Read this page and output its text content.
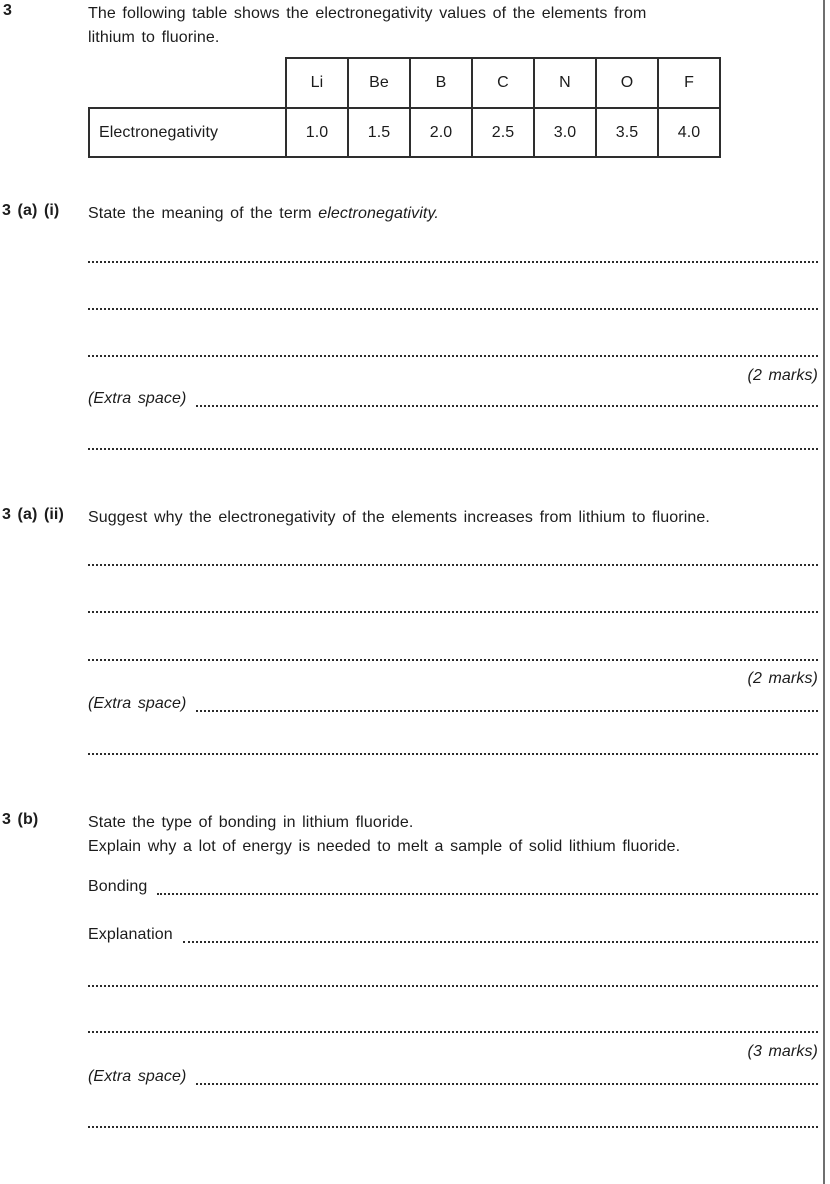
3	The following table shows the electronegativity values of the elements from
lithium to fluorine.
	Li	Be	B	C	N	O	F
Electronegativity	1.0	1.5	2.0	2.5	3.0	3.5	4.0
3 (a) (i) State the meaning of the term electronegativity.
(2 marks)
(Extra space)
3 (a) (ii) Suggest why the electronegativity of the elements increases from lithium to fluorine.
(2 marks)
(Extra space)
3 (b)	State the type of bonding in lithium fluoride.
Explain why a lot of energy is needed to melt a sample of solid lithium fluoride.
Bonding
Explanation
(3 marks)
(Extra space)
